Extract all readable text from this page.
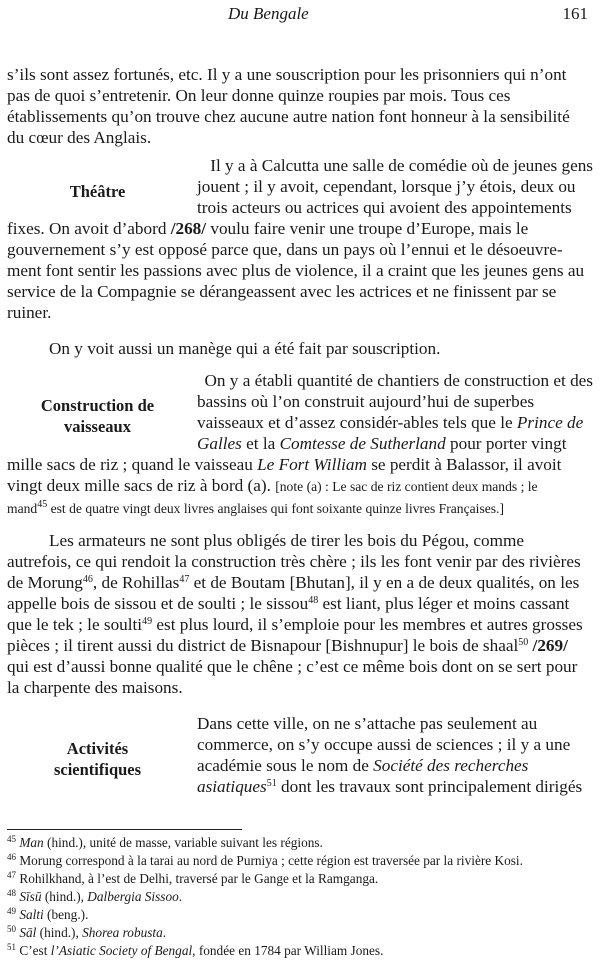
Du Bengale	161

s’ils sont assez fortunés, etc. Il y a une souscription pour les prisonniers qui n’ont

pas de quoi s’entretenir. On leur donne quinze roupies par mois. Tous ces

établissements qu’on trouve chez aucune autre nation font honneur à la sensibilité

du cœur des Anglais.

Théâtre

Il y a à Calcutta une salle de comédie où de jeunes gens

jouent ; il y avoit, cependant, lorsque j’y étois, deux ou

trois acteurs ou actrices qui avoient des appointements

fixes. On avoit d’abord /268/ voulu faire venir une troupe d’Europe, mais le

gouvernement s’y est opposé parce que, dans un pays où l’ennui et le désoeuvre-

ment font sentir les passions avec plus de violence, il a craint que les jeunes gens au

service de la Compagnie se dérangeassent avec les actrices et ne finissent par se

ruiner.

On y voit aussi un manège qui a été fait par souscription.

Construction de
vaisseaux

On y a établi quantité de chantiers de construction et des

bassins où l’on construit aujourd’hui de superbes

vaisseaux et d’assez considér-ables tels que le Prince de

Galles et la Comtesse de Sutherland pour porter vingt

mille sacs de riz ; quand le vaisseau Le Fort William se perdit à Balassor, il avoit

vingt deux mille sacs de riz à bord (a). [note (a) : Le sac de riz contient deux mands ; le

mand$^{45}$ est de quatre vingt deux livres anglaises qui font soixante quinze livres Françaises.]

Les armateurs ne sont plus obligés de tirer les bois du Pégou, comme

autrefois, ce qui rendoit la construction très chère ; ils les font venir par des rivières

de Morung$^{46}$, de Rohillas$^{47}$ et de Boutam [Bhutan], il y en a de deux qualités, on les

appelle bois de sissou et de soulti ; le sissou$^{48}$ est liant, plus léger et moins cassant

que le tek ; le soulti$^{49}$ est plus lourd, il s’emploie pour les membres et autres grosses

pièces ; il tirent aussi du district de Bisnapour [Bishnupur] le bois de shaal$^{50}$ /269/

qui est d’aussi bonne qualité que le chêne ; c’est ce même bois dont on se sert pour

la charpente des maisons.

Activités
scientifiques

Dans cette ville, on ne s’attache pas seulement au

commerce, on s’y occupe aussi de sciences ; il y a une

académie sous le nom de Société des recherches

asiatiques$^{51}$ dont les travaux sont principalement dirigés

$^{45}$ Man (hind.), unité de masse, variable suivant les régions.
$^{46}$ Morung correspond à la tarai au nord de Purniya ; cette région est traversée par la rivière Kosi.
$^{47}$ Rohilkhand, à l’est de Delhi, traversé par le Gange et la Ramganga.
$^{48}$ Sīsū (hind.), Dalbergia Sissoo.
$^{49}$ Salti (beng.).
$^{50}$ Sāl (hind.), Shorea robusta.
$^{51}$ C’est l’Asiatic Society of Bengal, fondée en 1784 par William Jones.
